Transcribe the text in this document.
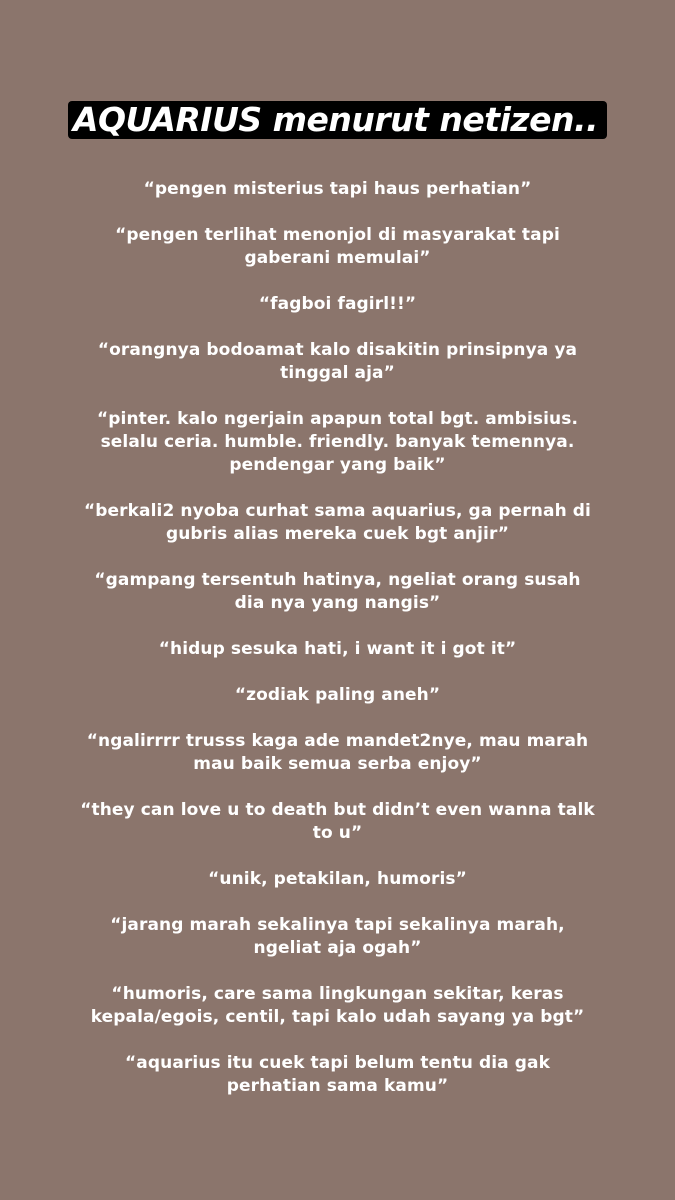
AQUARIUS menurut netizen..
“pengen misterius tapi haus perhatian”
“pengen terlihat menonjol di masyarakat tapi gaberani memulai”
“fagboi fagirl!!”
“orangnya bodoamat kalo disakitin prinsipnya ya tinggal aja”
“pinter. kalo ngerjain apapun total bgt. ambisius. selalu ceria. humble. friendly. banyak temennya. pendengar yang baik”
“berkali2 nyoba curhat sama aquarius, ga pernah di gubris alias mereka cuek bgt anjir”
“gampang tersentuh hatinya, ngeliat orang susah dia nya yang nangis”
“hidup sesuka hati, i want it i got it”
“zodiak paling aneh”
“ngalirrrr trusss kaga ade mandet2nye, mau marah mau baik semua serba enjoy”
“they can love u to death but didn’t even wanna talk to u”
“unik, petakilan, humoris”
“jarang marah sekalinya tapi sekalinya marah, ngeliat aja ogah”
“humoris, care sama lingkungan sekitar, keras kepala/egois, centil, tapi kalo udah sayang ya bgt”
“aquarius itu cuek tapi belum tentu dia gak perhatian sama kamu”
